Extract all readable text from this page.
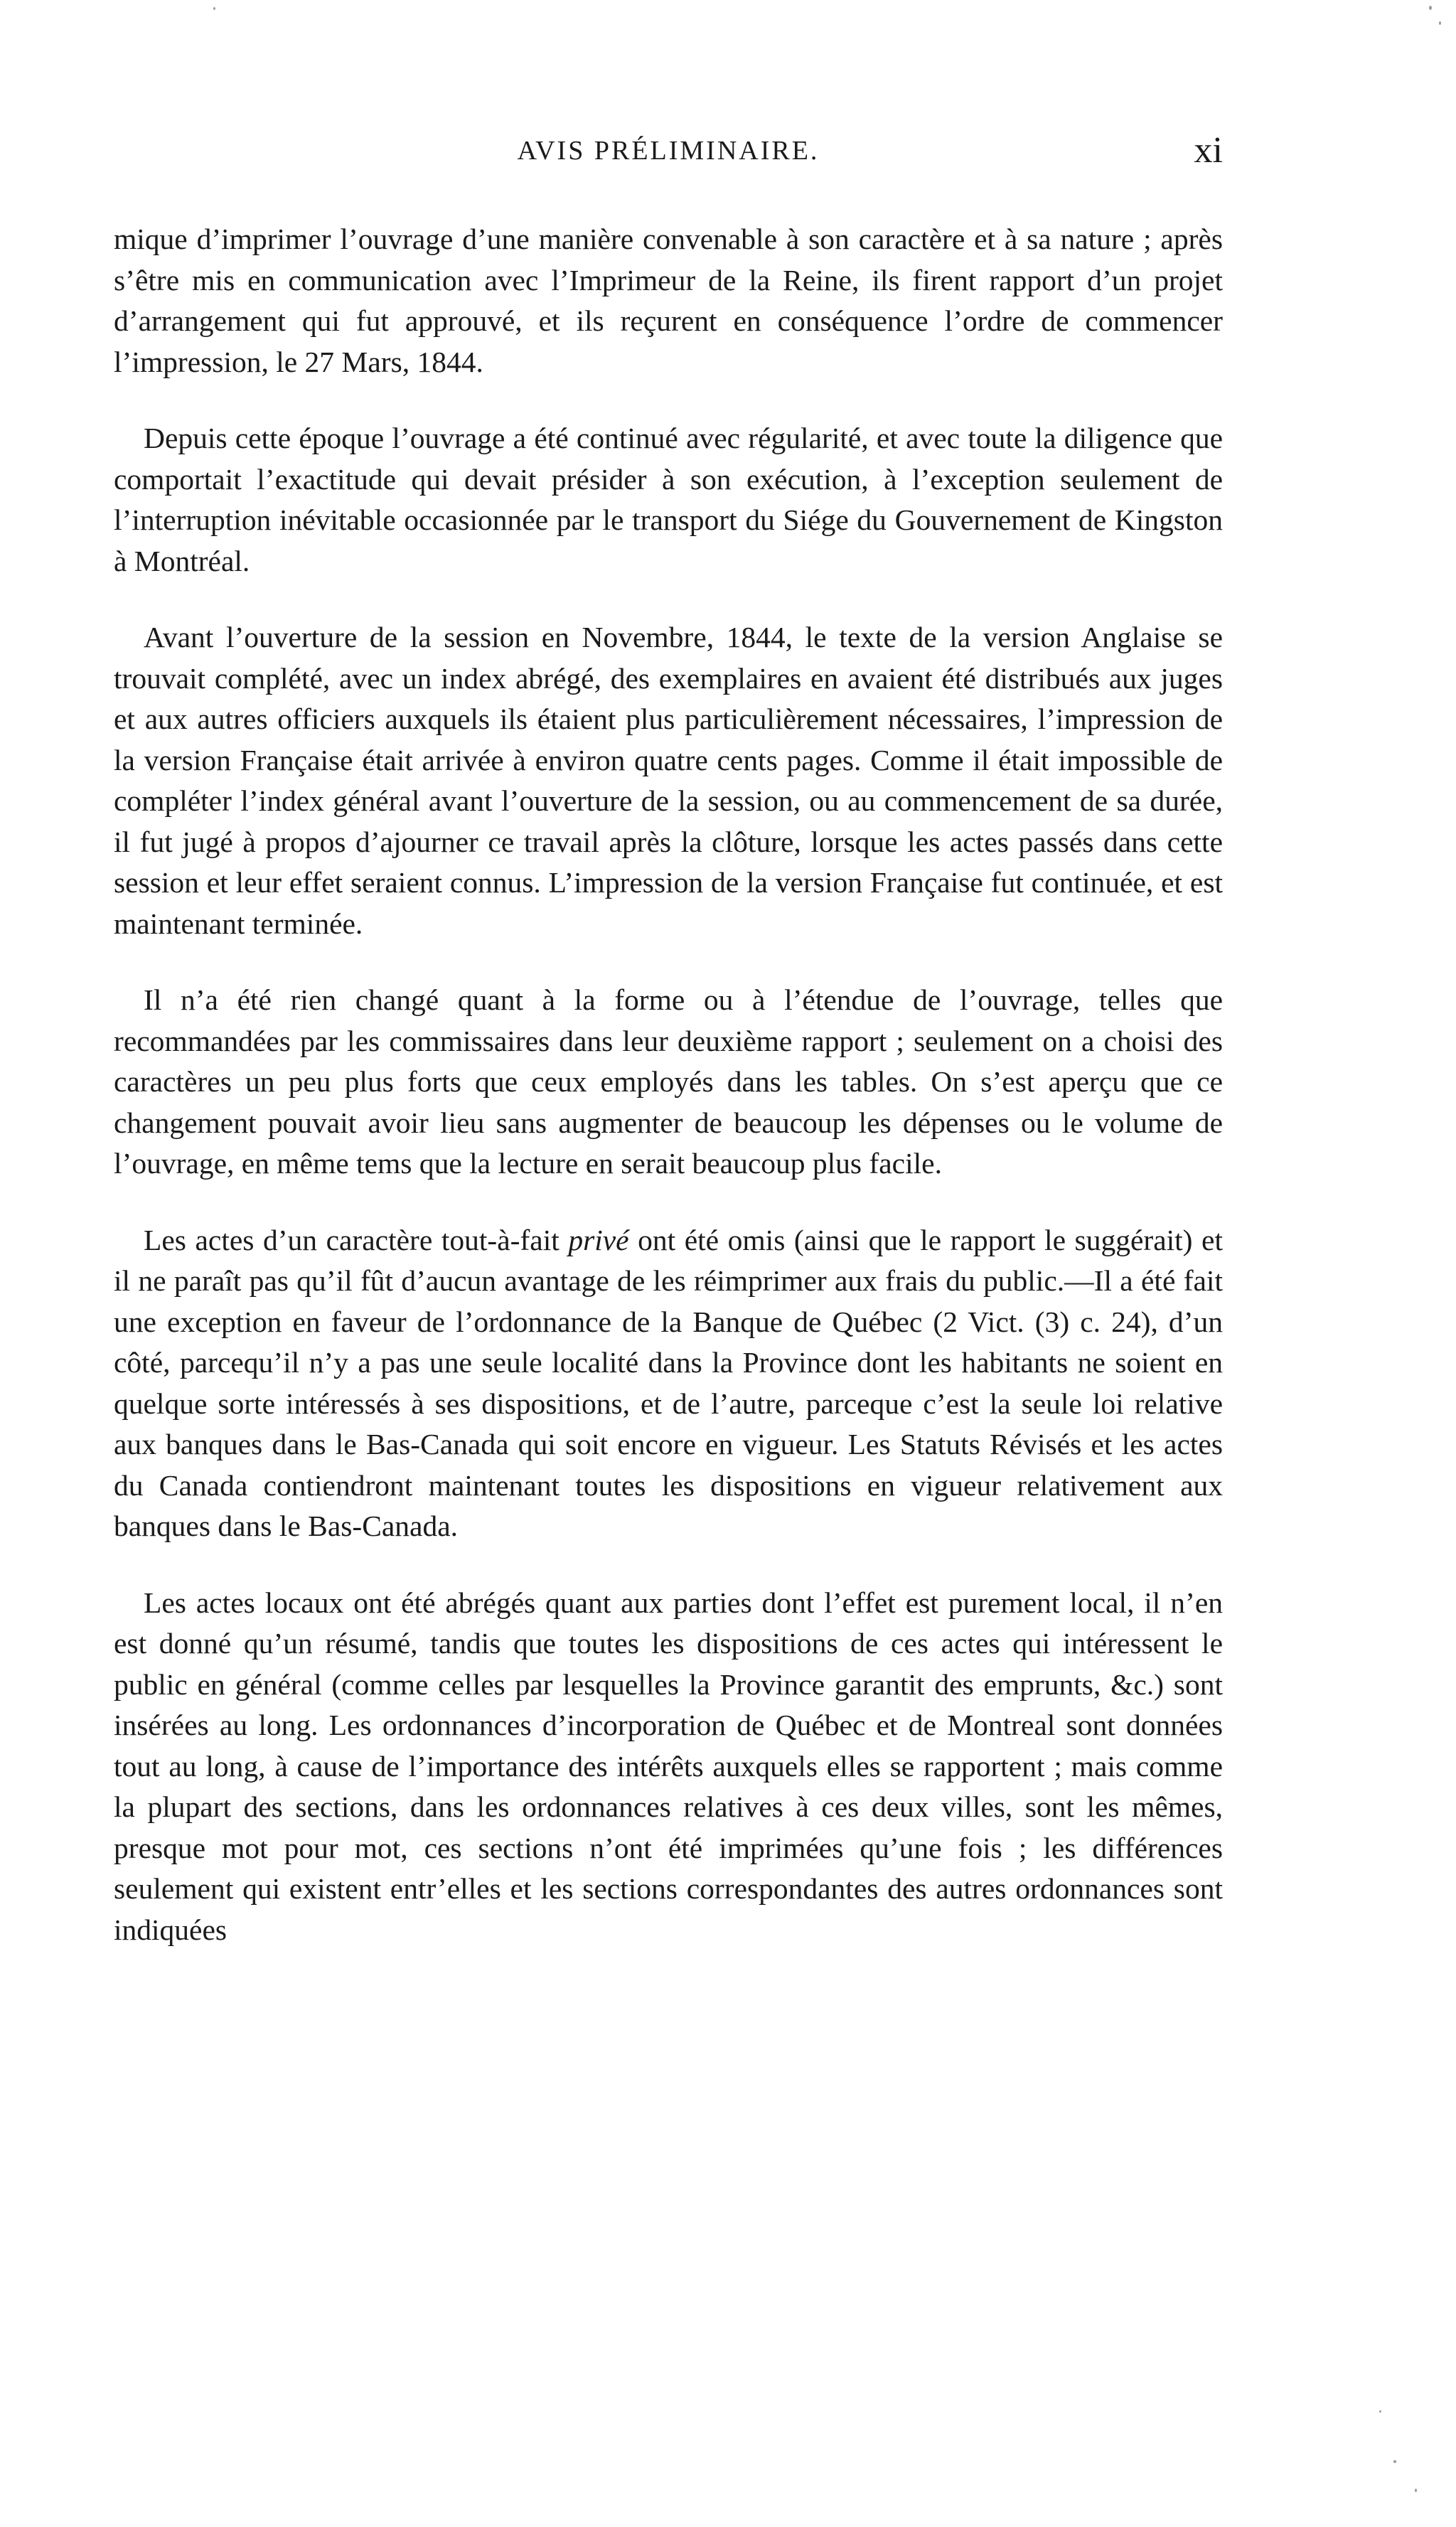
AVIS PRÉLIMINAIRE.	xi

mique d’imprimer l’ouvrage d’une manière convenable à son caractère et à sa nature ; après s’être mis en communication avec l’Imprimeur de la Reine, ils firent rapport d’un projet d’arrangement qui fut approuvé, et ils reçurent en conséquence l’ordre de commencer l’impression, le 27 Mars, 1844.

Depuis cette époque l’ouvrage a été continué avec régularité, et avec toute la diligence que comportait l’exactitude qui devait présider à son exécution, à l’exception seulement de l’interruption inévitable occasionnée par le transport du Siége du Gouvernement de Kingston à Montréal.

Avant l’ouverture de la session en Novembre, 1844, le texte de la version Anglaise se trouvait complété, avec un index abrégé, des exemplaires en avaient été distribués aux juges et aux autres officiers auxquels ils étaient plus particulièrement nécessaires, l’impression de la version Française était arrivée à environ quatre cents pages. Comme il était impossible de compléter l’index général avant l’ouverture de la session, ou au commencement de sa durée, il fut jugé à propos d’ajourner ce travail après la clôture, lorsque les actes passés dans cette session et leur effet seraient connus. L’impression de la version Française fut continuée, et est maintenant terminée.

Il n’a été rien changé quant à la forme ou à l’étendue de l’ouvrage, telles que recommandées par les commissaires dans leur deuxième rapport ; seulement on a choisi des caractères un peu plus forts que ceux employés dans les tables. On s’est aperçu que ce changement pouvait avoir lieu sans augmenter de beaucoup les dépenses ou le volume de l’ouvrage, en même tems que la lecture en serait beaucoup plus facile.

Les actes d’un caractère tout-à-fait privé ont été omis (ainsi que le rapport le suggérait) et il ne paraît pas qu’il fût d’aucun avantage de les réimprimer aux frais du public.—Il a été fait une exception en faveur de l’ordonnance de la Banque de Québec (2 Vict. (3) c. 24), d’un côté, parcequ’il n’y a pas une seule localité dans la Province dont les habitants ne soient en quelque sorte intéressés à ses dispositions, et de l’autre, parceque c’est la seule loi relative aux banques dans le Bas-Canada qui soit encore en vigueur. Les Statuts Révisés et les actes du Canada contiendront maintenant toutes les dispositions en vigueur relativement aux banques dans le Bas-Canada.

Les actes locaux ont été abrégés quant aux parties dont l’effet est purement local, il n’en est donné qu’un résumé, tandis que toutes les dispositions de ces actes qui intéressent le public en général (comme celles par lesquelles la Province garantit des emprunts, &c.) sont insérées au long. Les ordonnances d’incorporation de Québec et de Montreal sont données tout au long, à cause de l’importance des intérêts auxquels elles se rapportent ; mais comme la plupart des sections, dans les ordonnances relatives à ces deux villes, sont les mêmes, presque mot pour mot, ces sections n’ont été imprimées qu’une fois ; les différences seulement qui existent entr’elles et les sections correspondantes des autres ordonnances sont indiquées
